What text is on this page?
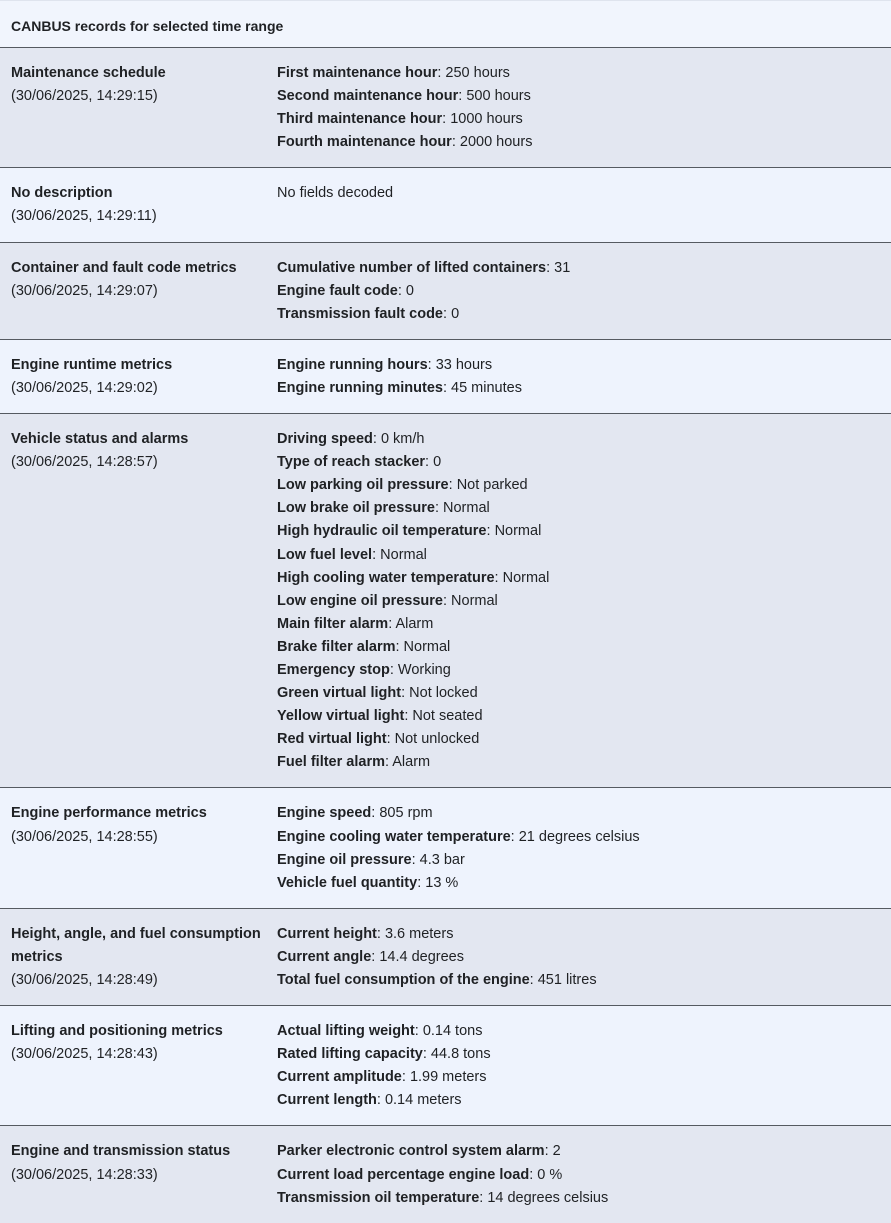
CANBUS records for selected time range
Maintenance schedule
(30/06/2025, 14:29:15)
First maintenance hour: 250 hours
Second maintenance hour: 500 hours
Third maintenance hour: 1000 hours
Fourth maintenance hour: 2000 hours
No description
(30/06/2025, 14:29:11)
No fields decoded
Container and fault code metrics
(30/06/2025, 14:29:07)
Cumulative number of lifted containers: 31
Engine fault code: 0
Transmission fault code: 0
Engine runtime metrics
(30/06/2025, 14:29:02)
Engine running hours: 33 hours
Engine running minutes: 45 minutes
Vehicle status and alarms
(30/06/2025, 14:28:57)
Driving speed: 0 km/h
Type of reach stacker: 0
Low parking oil pressure: Not parked
Low brake oil pressure: Normal
High hydraulic oil temperature: Normal
Low fuel level: Normal
High cooling water temperature: Normal
Low engine oil pressure: Normal
Main filter alarm: Alarm
Brake filter alarm: Normal
Emergency stop: Working
Green virtual light: Not locked
Yellow virtual light: Not seated
Red virtual light: Not unlocked
Fuel filter alarm: Alarm
Engine performance metrics
(30/06/2025, 14:28:55)
Engine speed: 805 rpm
Engine cooling water temperature: 21 degrees celsius
Engine oil pressure: 4.3 bar
Vehicle fuel quantity: 13 %
Height, angle, and fuel consumption metrics
(30/06/2025, 14:28:49)
Current height: 3.6 meters
Current angle: 14.4 degrees
Total fuel consumption of the engine: 451 litres
Lifting and positioning metrics
(30/06/2025, 14:28:43)
Actual lifting weight: 0.14 tons
Rated lifting capacity: 44.8 tons
Current amplitude: 1.99 meters
Current length: 0.14 meters
Engine and transmission status
(30/06/2025, 14:28:33)
Parker electronic control system alarm: 2
Current load percentage engine load: 0 %
Transmission oil temperature: 14 degrees celsius
